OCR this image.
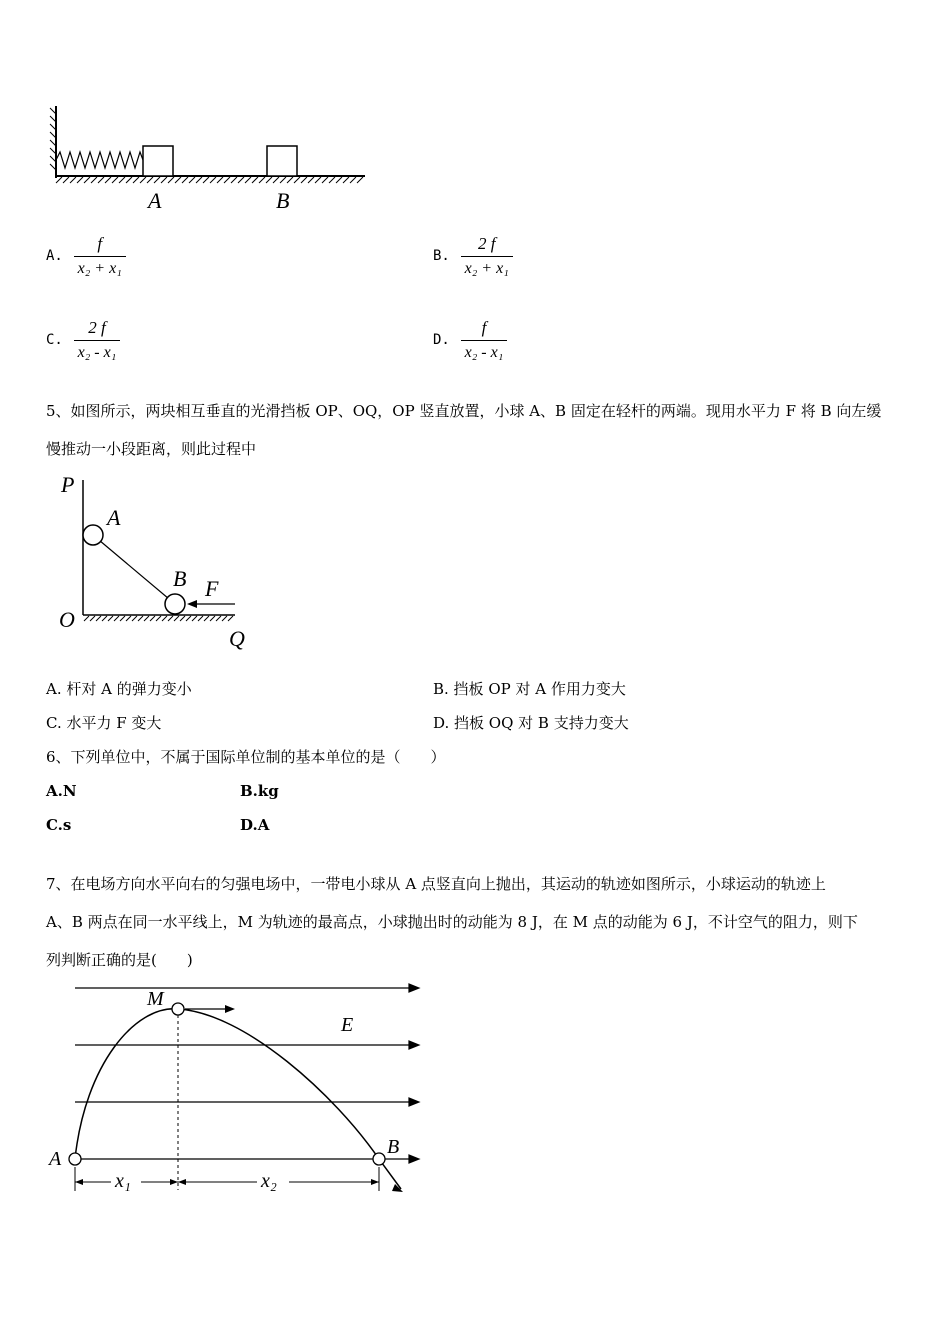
A	B
A. $\frac{f}{\text{x₂ + x₁}}$	B. $\frac{2 f}{\text{x₂ + x₁}}$
C. $\frac{2 f}{\text{x₂ - x₁}}$	D. $\frac{f}{\text{x₂ - x₁}}$
5、如图所示，两块相互垂直的光滑挡板 OP、OQ，OP 竖直放置，小球 A、B 固定在轻杆的两端。现用水平力 F 将 B 向左缓
慢推动一小段距离，则此过程中
P
A
B F
O
Q
A. 杆对 A 的弹力变小	B. 挡板 OP 对 A 作用力变大
C. 水平力 F 变大	D. 挡板 OQ 对 B 支持力变大
6、下列单位中，不属于国际单位制的基本单位的是（　　）
A.N	B.kg
C.s	D.A
7、在电场方向水平向右的匀强电场中，一带电小球从 A 点竖直向上抛出，其运动的轨迹如图所示，小球运动的轨迹上
A、B 两点在同一水平线上，M 为轨迹的最高点，小球抛出时的动能为 8 J，在 M 点的动能为 6 J，不计空气的阻力，则下
列判断正确的是(　　)
M
E
A
B
x₁	x₂
